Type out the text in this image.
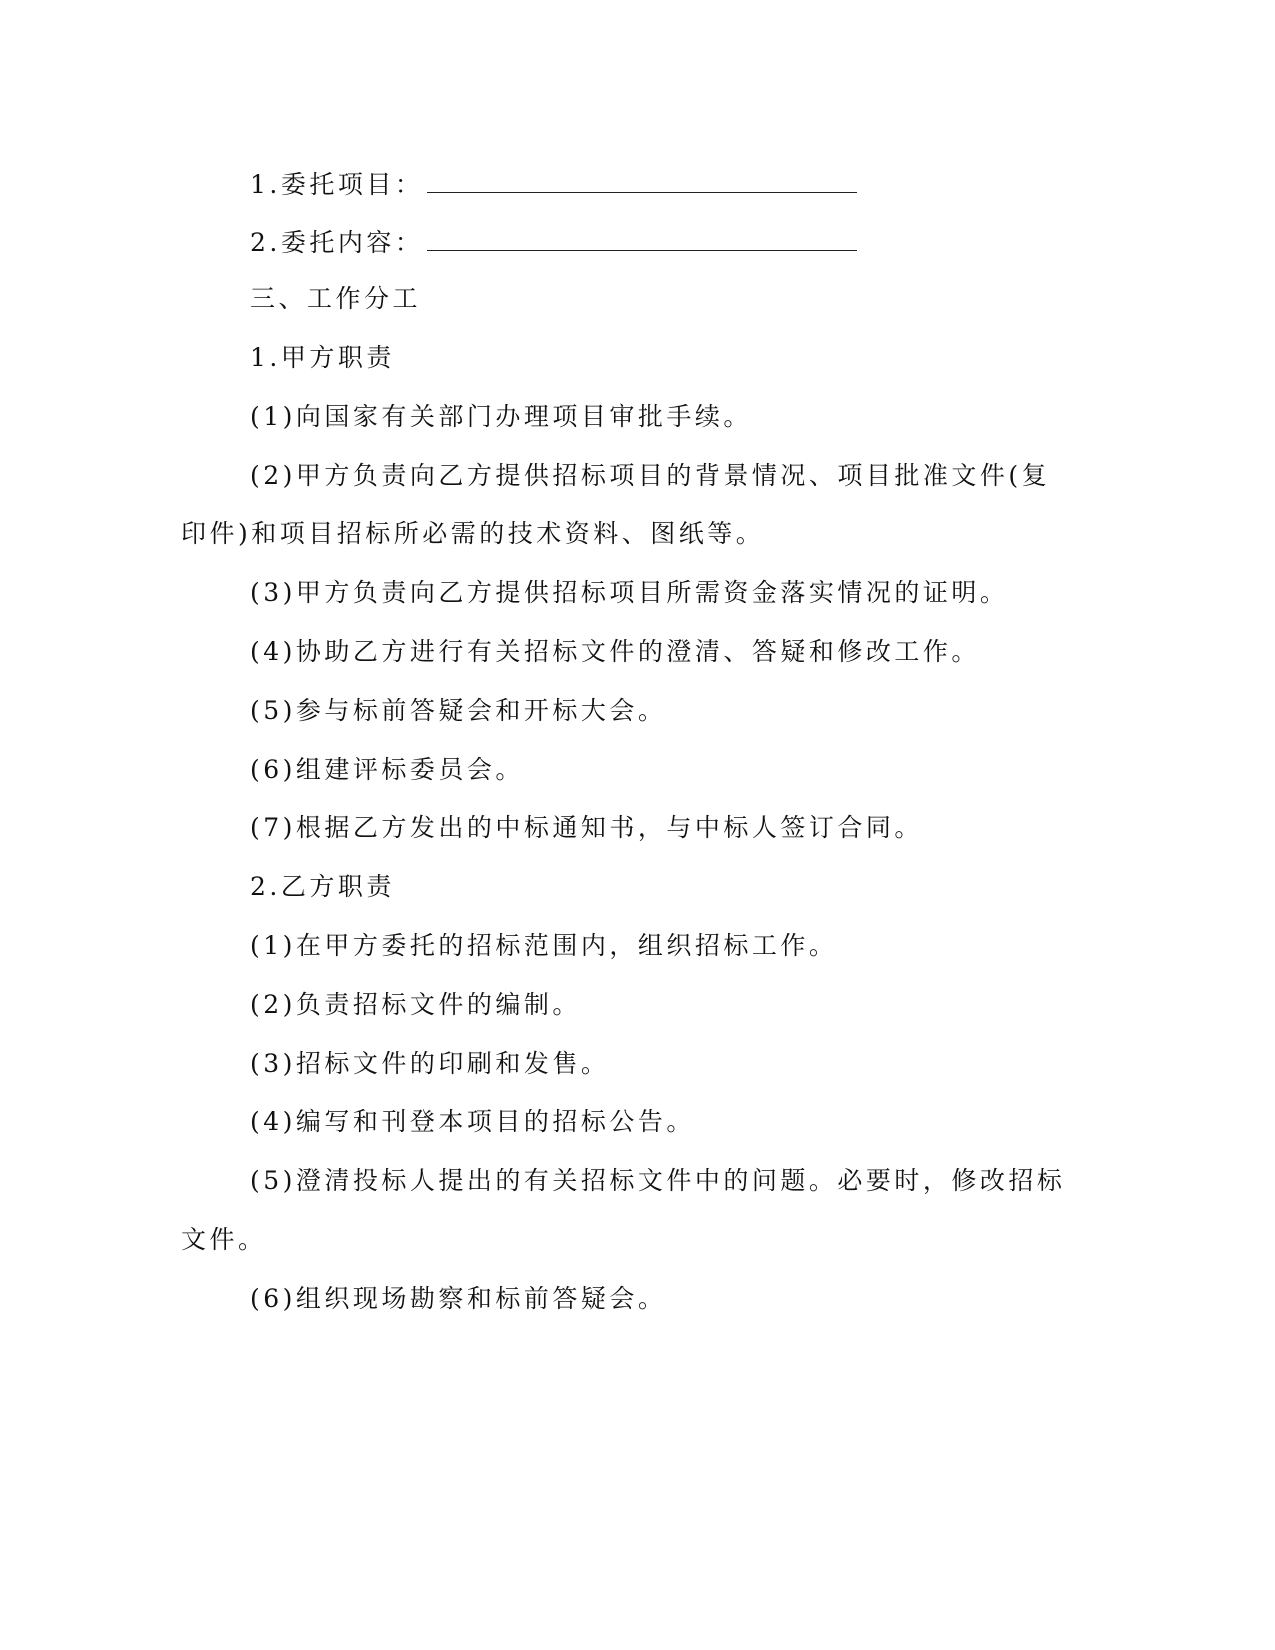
1.委托项目：
2.委托内容：
三、工作分工
1.甲方职责
(1)向国家有关部门办理项目审批手续。
(2)甲方负责向乙方提供招标项目的背景情况、项目批准文件(复
印件)和项目招标所必需的技术资料、图纸等。
(3)甲方负责向乙方提供招标项目所需资金落实情况的证明。
(4)协助乙方进行有关招标文件的澄清、答疑和修改工作。
(5)参与标前答疑会和开标大会。
(6)组建评标委员会。
(7)根据乙方发出的中标通知书，与中标人签订合同。
2.乙方职责
(1)在甲方委托的招标范围内，组织招标工作。
(2)负责招标文件的编制。
(3)招标文件的印刷和发售。
(4)编写和刊登本项目的招标公告。
(5)澄清投标人提出的有关招标文件中的问题。必要时，修改招标
文件。
(6)组织现场勘察和标前答疑会。
